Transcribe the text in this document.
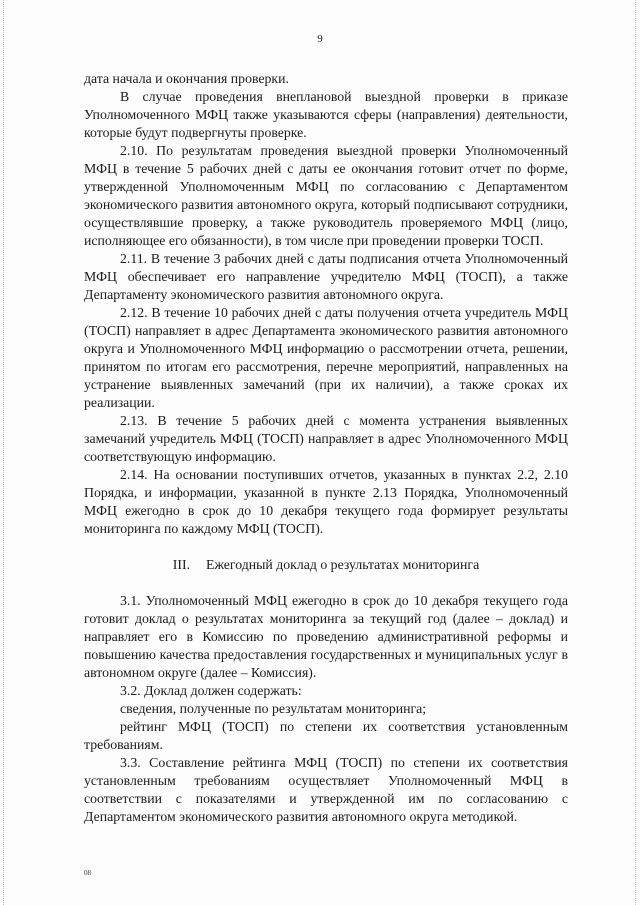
9

дата начала и окончания проверки.

В случае проведения внеплановой выездной проверки в приказе Уполномоченного МФЦ также указываются сферы (направления) деятельности, которые будут подвергнуты проверке.

2.10. По результатам проведения выездной проверки Уполномоченный МФЦ в течение 5 рабочих дней с даты ее окончания готовит отчет по форме, утвержденной Уполномоченным МФЦ по согласованию с Департаментом экономического развития автономного округа, который подписывают сотрудники, осуществлявшие проверку, а также руководитель проверяемого МФЦ (лицо, исполняющее его обязанности), в том числе при проведении проверки ТОСП.

2.11. В течение 3 рабочих дней с даты подписания отчета Уполномоченный МФЦ обеспечивает его направление учредителю МФЦ (ТОСП), а также Департаменту экономического развития автономного округа.

2.12. В течение 10 рабочих дней с даты получения отчета учредитель МФЦ (ТОСП) направляет в адрес Департамента экономического развития автономного округа и Уполномоченного МФЦ информацию о рассмотрении отчета, решении, принятом по итогам его рассмотрения, перечне мероприятий, направленных на устранение выявленных замечаний (при их наличии), а также сроках их реализации.

2.13. В течение 5 рабочих дней с момента устранения выявленных замечаний учредитель МФЦ (ТОСП) направляет в адрес Уполномоченного МФЦ соответствующую информацию.

2.14. На основании поступивших отчетов, указанных в пунктах 2.2, 2.10 Порядка, и информации, указанной в пункте 2.13 Порядка, Уполномоченный МФЦ ежегодно в срок до 10 декабря текущего года формирует результаты мониторинга по каждому МФЦ (ТОСП).

III. Ежегодный доклад о результатах мониторинга

3.1. Уполномоченный МФЦ ежегодно в срок до 10 декабря текущего года готовит доклад о результатах мониторинга за текущий год (далее – доклад) и направляет его в Комиссию по проведению административной реформы и повышению качества предоставления государственных и муниципальных услуг в автономном округе (далее – Комиссия).

3.2. Доклад должен содержать:

сведения, полученные по результатам мониторинга;

рейтинг МФЦ (ТОСП) по степени их соответствия установленным требованиям.

3.3. Составление рейтинга МФЦ (ТОСП) по степени их соответствия установленным требованиям осуществляет Уполномоченный МФЦ в соответствии с показателями и утвержденной им по согласованию с Департаментом экономического развития автономного округа методикой.

08
